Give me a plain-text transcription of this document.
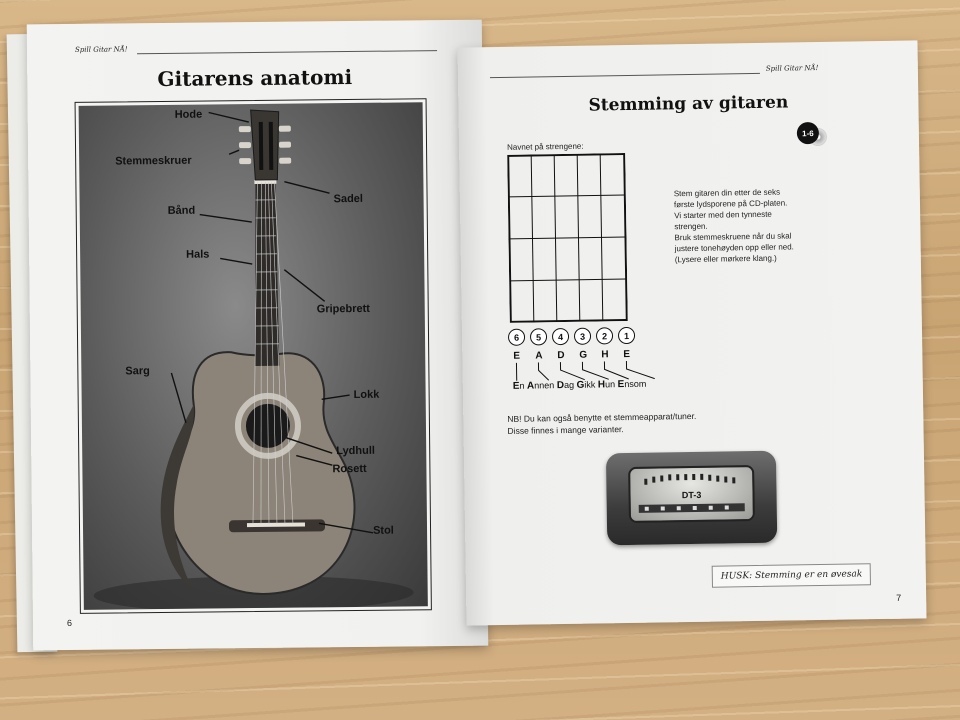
Spill Gitar NÅ!
Gitarens anatomi
Hode
Stemmeskruer
Sadel
Bånd
Hals
Gripebrett
Sarg
Lokk
Lydhull
Rosett
Stol
6
Spill Gitar NÅ!
Stemming av gitaren
1-6
Navnet på strengene:
6	5	4	3	2	1
E A D G H E
En Annen Dag Gikk Hun Ensom
Stem gitaren din etter de seks
første lydsporene på CD-platen.
Vi starter med den tynneste
strengen.
Bruk stemmeskruene når du skal
justere tonehøyden opp eller ned.
(Lysere eller mørkere klang.)
NB! Du kan også benytte et stemmeapparat/tuner.
Disse finnes i mange varianter.
DT-3
HUSK: Stemming er en øvesak
7
